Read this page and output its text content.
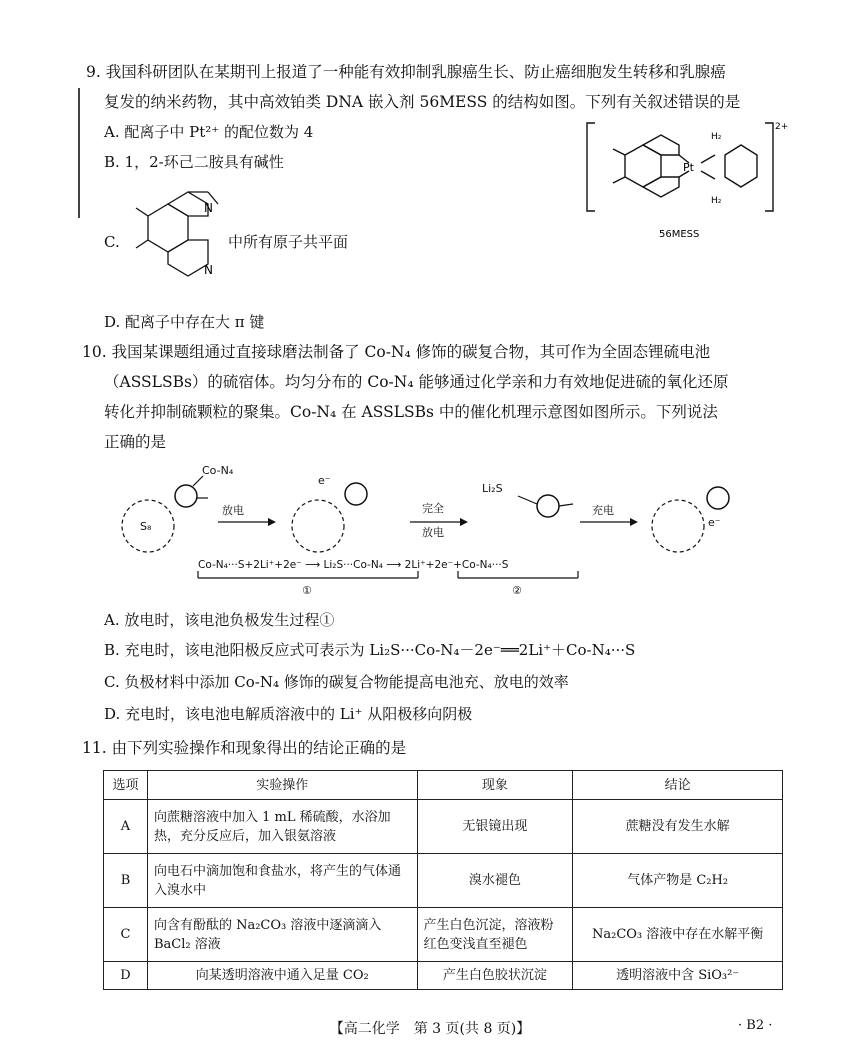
9. 我国科研团队在某期刊上报道了一种能有效抑制乳腺癌生长、防止癌细胞发生转移和乳腺癌
复发的纳米药物，其中高效铂类 DNA 嵌入剂 56MESS 的结构如图。下列有关叙述错误的是
A. 配离子中 Pt²⁺ 的配位数为 4
B. 1，2-环己二胺具有碱性
C.	中所有原子共平面
D. 配离子中存在大 π 键
N
N
Pt
H₂
H₂
2+
56MESS
10. 我国某课题组通过直接球磨法制备了 Co-N₄ 修饰的碳复合物，其可作为全固态锂硫电池
（ASSLSBs）的硫宿体。均匀分布的 Co-N₄ 能够通过化学亲和力有效地促进硫的氧化还原
转化并抑制硫颗粒的聚集。Co-N₄ 在 ASSLSBs 中的催化机理示意图如图所示。下列说法
正确的是
Co-N₄
S₈
e⁻
放电	完全
放电
Li₂S
充电
e⁻
Co-N₄···S+2Li⁺+2e⁻ ⟶ Li₂S···Co-N₄ ⟶ 2Li⁺+2e⁻+Co-N₄···S
①	②
A. 放电时，该电池负极发生过程①
B. 充电时，该电池阳极反应式可表示为 Li₂S···Co-N₄－2e⁻══2Li⁺＋Co-N₄···S
C. 负极材料中添加 Co-N₄ 修饰的碳复合物能提高电池充、放电的效率
D. 充电时，该电池电解质溶液中的 Li⁺ 从阳极移向阴极
11. 由下列实验操作和现象得出的结论正确的是
选项	实验操作	现象	结论
A	向蔗糖溶液中加入 1 mL 稀硫酸，水浴加热，充分反应后，加入银氨溶液	无银镜出现	蔗糖没有发生水解
B	向电石中滴加饱和食盐水，将产生的气体通入溴水中	溴水褪色	气体产物是 C₂H₂
C	向含有酚酞的 Na₂CO₃ 溶液中逐滴滴入 BaCl₂ 溶液	产生白色沉淀，溶液粉红色变浅直至褪色	Na₂CO₃ 溶液中存在水解平衡
D	向某透明溶液中通入足量 CO₂	产生白色胶状沉淀	透明溶液中含 SiO₃²⁻
【高二化学　第 3 页(共 8 页)】	· B2 ·
